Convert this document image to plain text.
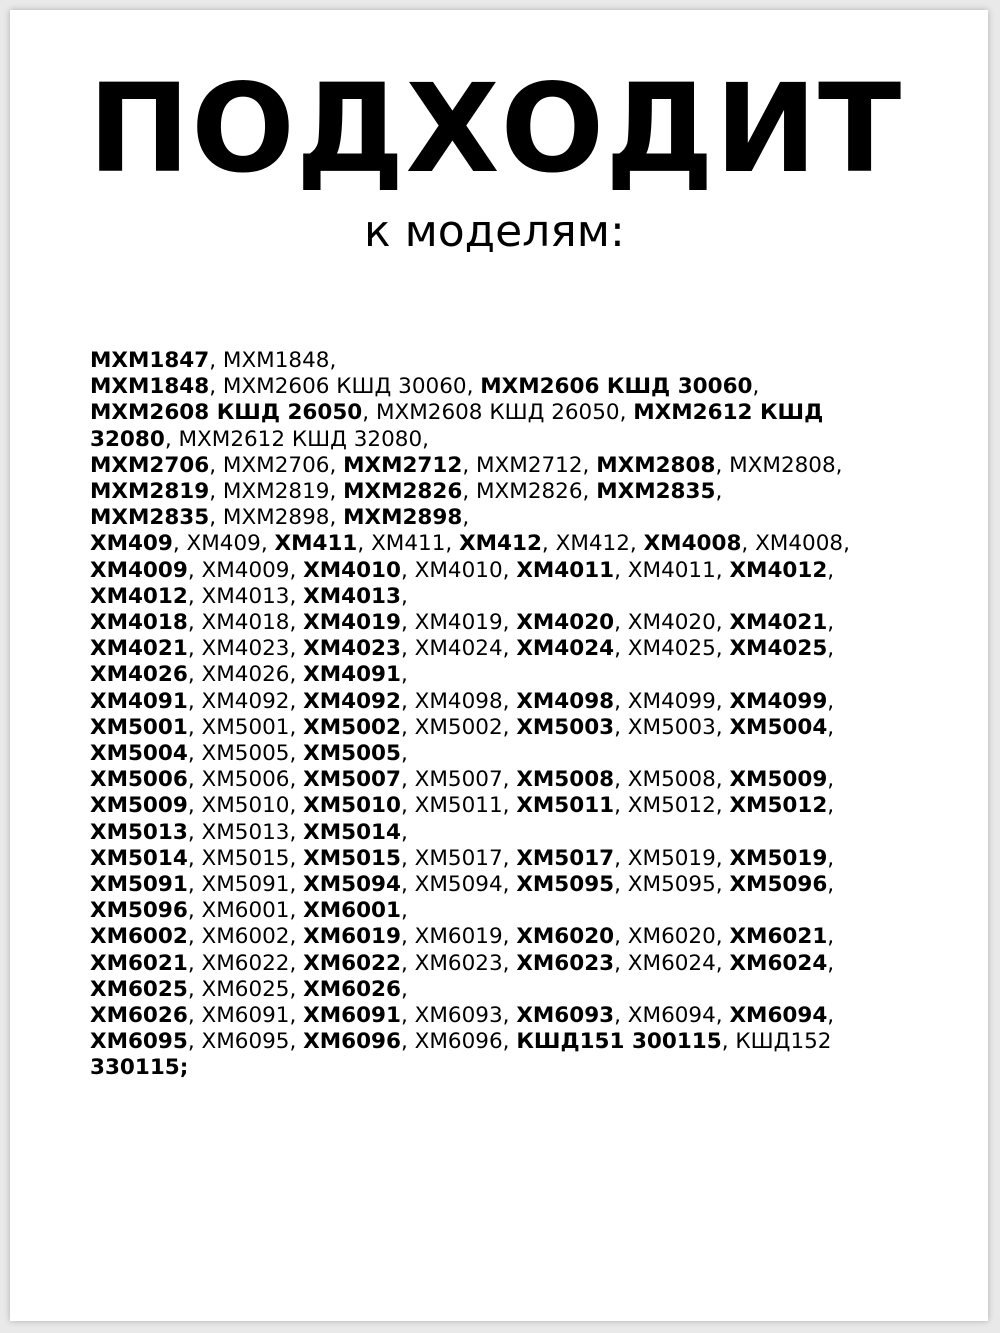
ПОДХОДИТ
к моделям:
MXM1847, MXM1848,
MXM1848, MXM2606 КШД 30060, MXM2606 КШД 30060,
MXM2608 КШД 26050, MXM2608 КШД 26050, MXM2612 КШД
32080, MXM2612 КШД 32080,
MXM2706, MXM2706, MXM2712, MXM2712, MXM2808, MXM2808,
MXM2819, MXM2819, MXM2826, MXM2826, MXM2835,
MXM2835, MXM2898, MXM2898,
XM409, XM409, XM411, XM411, XM412, XM412, XM4008, XM4008,
XM4009, XM4009, XM4010, XM4010, XM4011, XM4011, XM4012,
XM4012, XM4013, XM4013,
XM4018, XM4018, XM4019, XM4019, XM4020, XM4020, XM4021,
XM4021, XM4023, XM4023, XM4024, XM4024, XM4025, XM4025,
XM4026, XM4026, XM4091,
XM4091, XM4092, XM4092, XM4098, XM4098, XM4099, XM4099,
XM5001, XM5001, XM5002, XM5002, XM5003, XM5003, XM5004,
XM5004, XM5005, XM5005,
XM5006, XM5006, XM5007, XM5007, XM5008, XM5008, XM5009,
XM5009, XM5010, XM5010, XM5011, XM5011, XM5012, XM5012,
XM5013, XM5013, XM5014,
XM5014, XM5015, XM5015, XM5017, XM5017, XM5019, XM5019,
XM5091, XM5091, XM5094, XM5094, XM5095, XM5095, XM5096,
XM5096, XM6001, XM6001,
XM6002, XM6002, XM6019, XM6019, XM6020, XM6020, XM6021,
XM6021, XM6022, XM6022, XM6023, XM6023, XM6024, XM6024,
XM6025, XM6025, XM6026,
XM6026, XM6091, XM6091, XM6093, XM6093, XM6094, XM6094,
XM6095, XM6095, XM6096, XM6096, КШД151 300115, КШД152
330115;
